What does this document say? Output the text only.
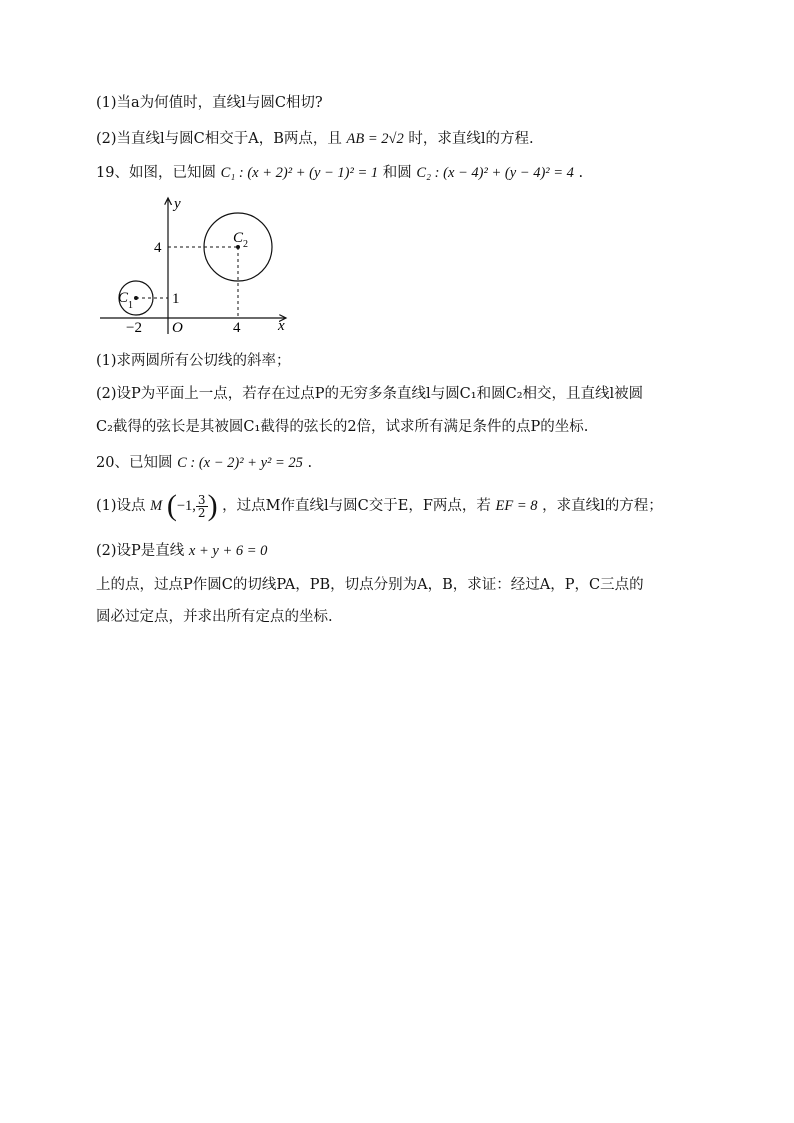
(1)当a为何值时，直线l与圆C相切?
(2)当直线l与圆C相交于A，B两点，且 AB = 2√2 时，求直线l的方程.
19、如图，已知圆 C₁ : (x + 2)² + (y − 1)² = 1 和圆 C₂ : (x − 4)² + (y − 4)² = 4 .
y
x
O
C 2
C 1
4
1
−2	4
(1)求两圆所有公切线的斜率；
(2)设P为平面上一点，若存在过点P的无穷多条直线l与圆C₁和圆C₂相交，且直线l被圆
C₂截得的弦长是其被圆C₁截得的弦长的2倍，试求所有满足条件的点P的坐标.
20、已知圆 C : (x − 2)² + y² = 25 .
(1)设点 M (−1, $\frac{3}{2}$ ) ，过点M作直线l与圆C交于E，F两点，若 EF = 8 ，求直线l的方程；
(2)设P是直线 x + y + 6 = 0
上的点，过点P作圆C的切线PA，PB，切点分别为A，B，求证：经过A，P，C三点的
圆必过定点，并求出所有定点的坐标.
